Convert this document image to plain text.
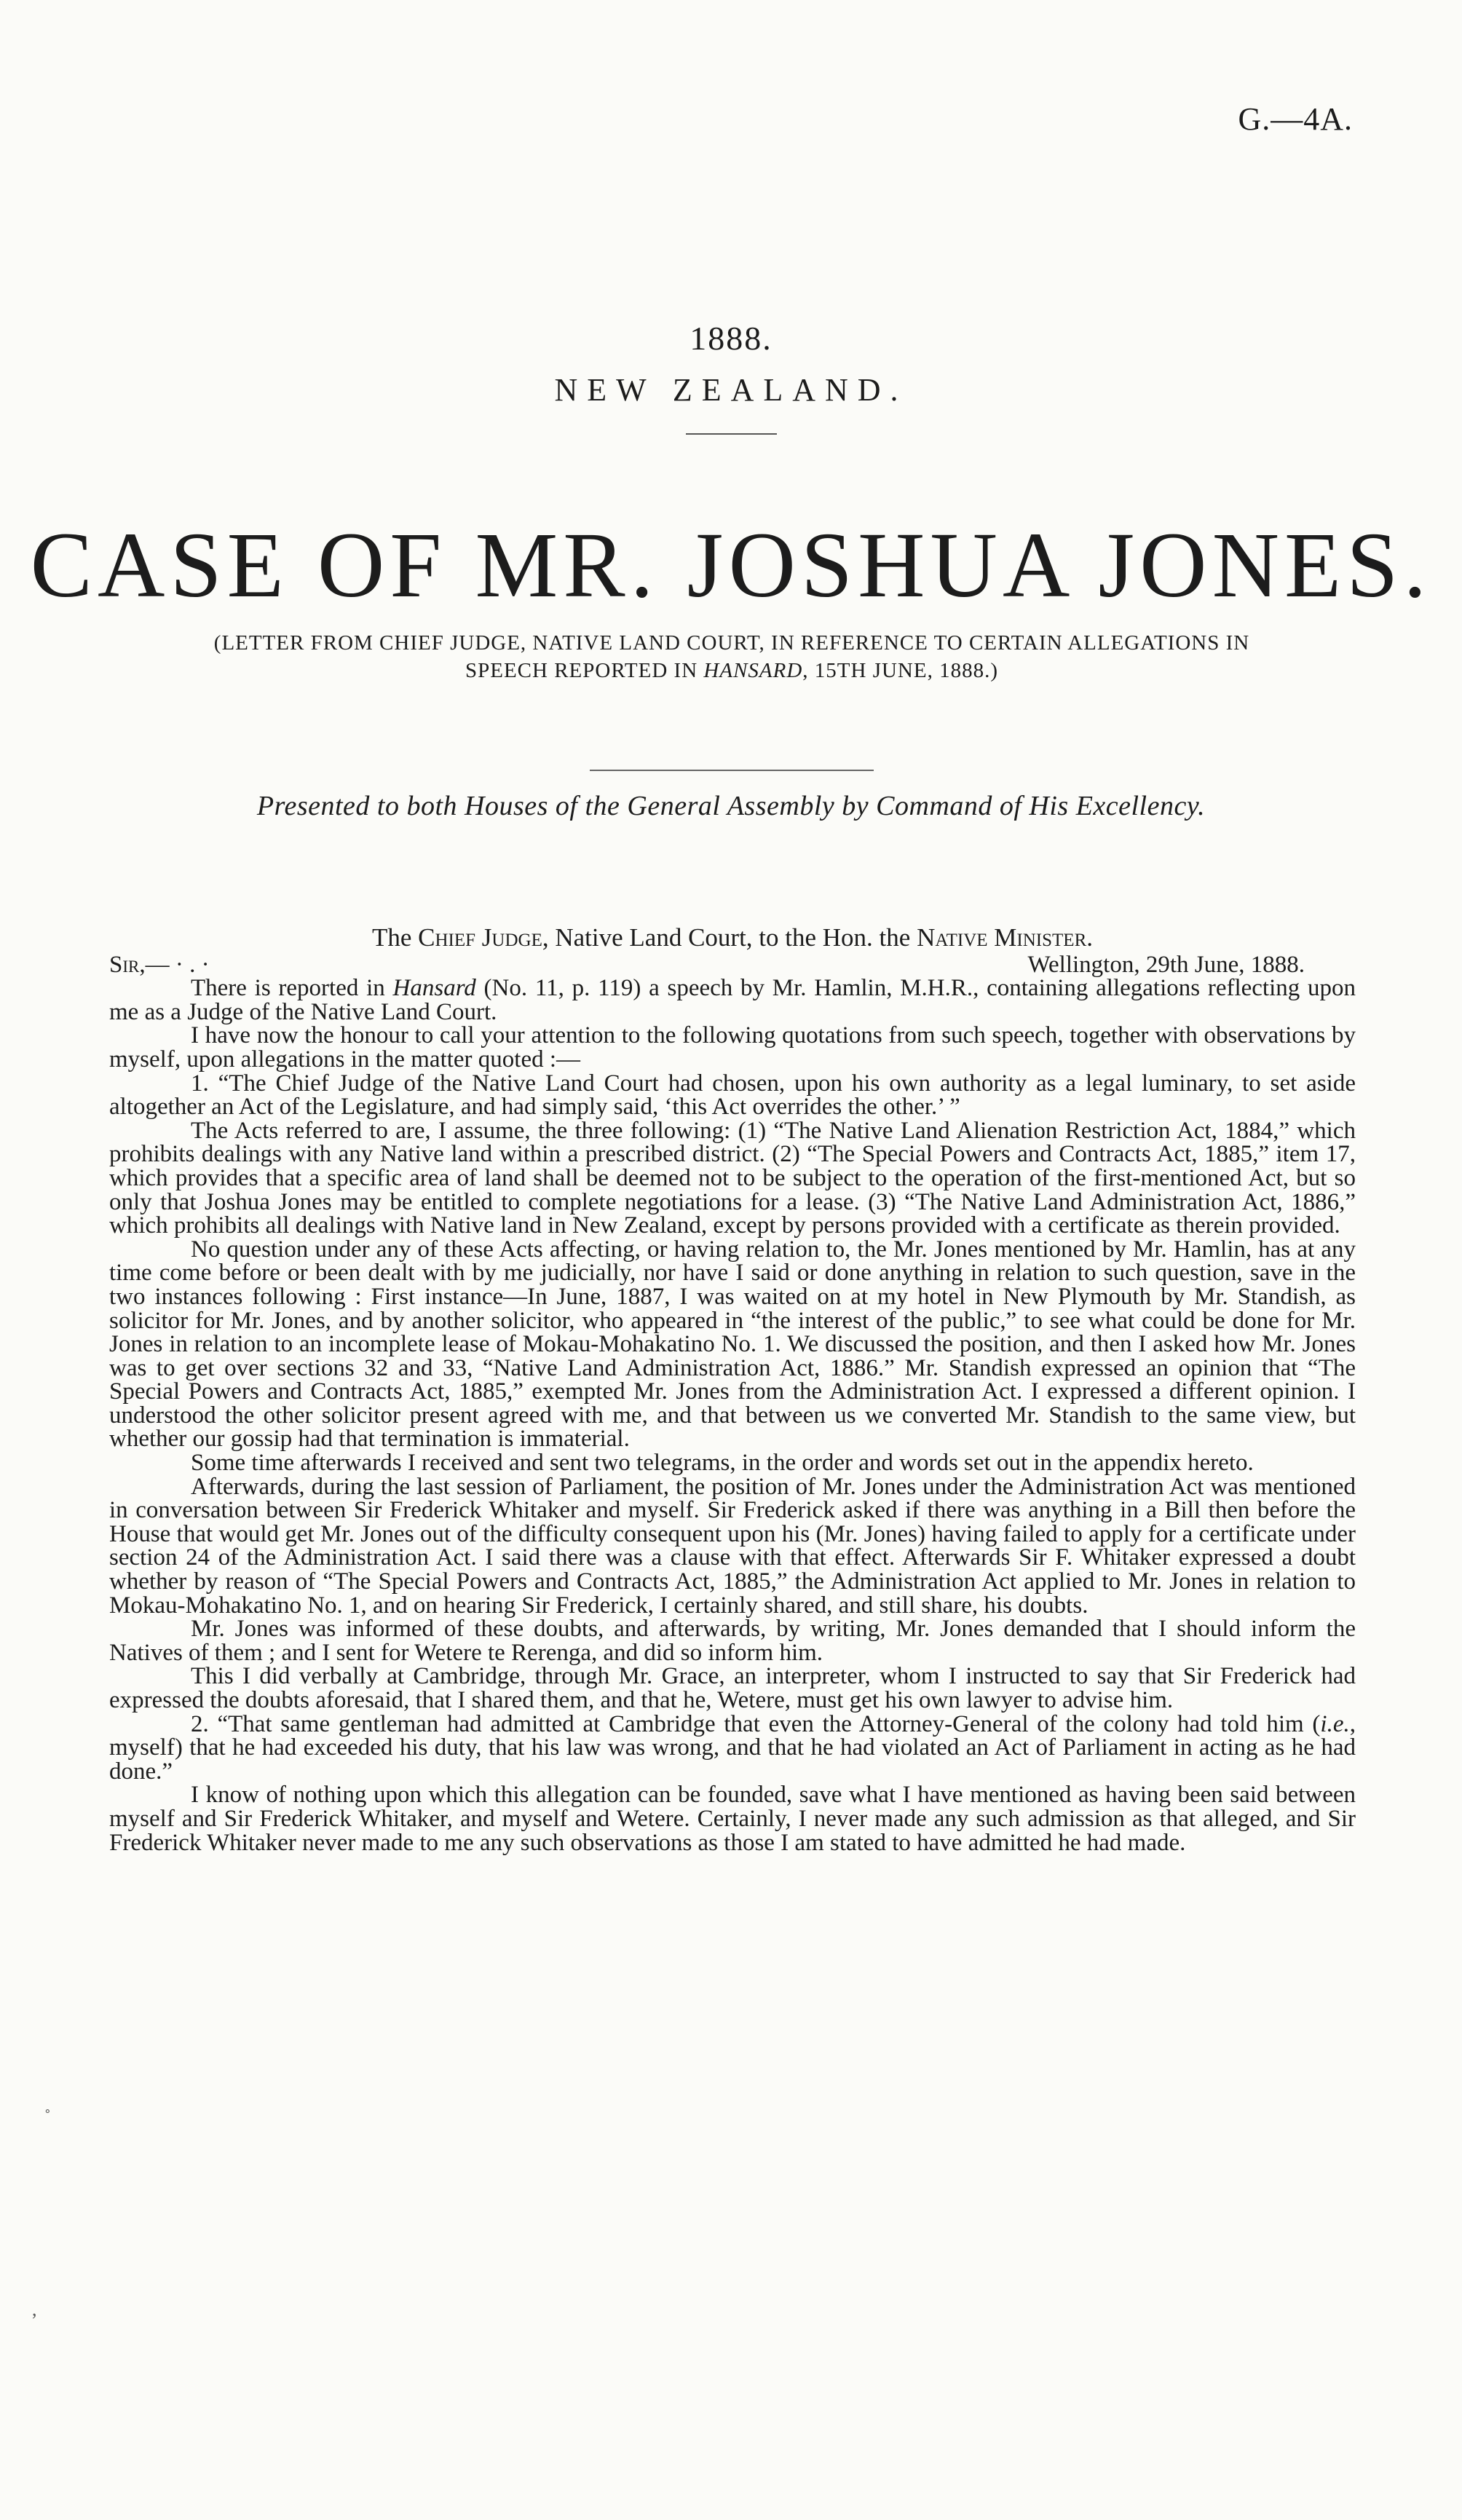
G.—4A.
1888.
NEW ZEALAND.
CASE OF MR. JOSHUA JONES.
(LETTER FROM CHIEF JUDGE, NATIVE LAND COURT, IN REFERENCE TO CERTAIN ALLEGATIONS IN SPEECH REPORTED IN HANSARD, 15TH JUNE, 1888.)
Presented to both Houses of the General Assembly by Command of His Excellency.
˚
,

The Chief Judge, Native Land Court, to the Hon. the Native Minister.

Sir,— · . ·	Wellington, 29th June, 1888.

There is reported in Hansard (No. 11, p. 119) a speech by Mr. Hamlin, M.H.R., containing allegations reflecting upon me as a Judge of the Native Land Court.

I have now the honour to call your attention to the following quotations from such speech, together with observations by myself, upon allegations in the matter quoted :—

1. “The Chief Judge of the Native Land Court had chosen, upon his own authority as a legal luminary, to set aside altogether an Act of the Legislature, and had simply said, ‘this Act overrides the other.’ ”

The Acts referred to are, I assume, the three following: (1) “The Native Land Alienation Restriction Act, 1884,” which prohibits dealings with any Native land within a prescribed district. (2) “The Special Powers and Contracts Act, 1885,” item 17, which provides that a specific area of land shall be deemed not to be subject to the operation of the first-mentioned Act, but so only that Joshua Jones may be entitled to complete negotiations for a lease. (3) “The Native Land Administration Act, 1886,” which prohibits all dealings with Native land in New Zealand, except by persons provided with a certificate as therein provided.

No question under any of these Acts affecting, or having relation to, the Mr. Jones mentioned by Mr. Hamlin, has at any time come before or been dealt with by me judicially, nor have I said or done anything in relation to such question, save in the two instances following : First instance—In June, 1887, I was waited on at my hotel in New Plymouth by Mr. Standish, as solicitor for Mr. Jones, and by another solicitor, who appeared in “the interest of the public,” to see what could be done for Mr. Jones in relation to an incomplete lease of Mokau-Mohakatino No. 1. We discussed the position, and then I asked how Mr. Jones was to get over sections 32 and 33, “Native Land Administration Act, 1886.” Mr. Standish expressed an opinion that “The Special Powers and Contracts Act, 1885,” exempted Mr. Jones from the Administration Act. I expressed a different opinion. I understood the other solicitor present agreed with me, and that between us we converted Mr. Standish to the same view, but whether our gossip had that termination is immaterial.

Some time afterwards I received and sent two telegrams, in the order and words set out in the appendix hereto.

Afterwards, during the last session of Parliament, the position of Mr. Jones under the Administration Act was mentioned in conversation between Sir Frederick Whitaker and myself. Sir Frederick asked if there was anything in a Bill then before the House that would get Mr. Jones out of the difficulty consequent upon his (Mr. Jones) having failed to apply for a certificate under section 24 of the Administration Act. I said there was a clause with that effect. Afterwards Sir F. Whitaker expressed a doubt whether by reason of “The Special Powers and Contracts Act, 1885,” the Administration Act applied to Mr. Jones in relation to Mokau-Mohakatino No. 1, and on hearing Sir Frederick, I certainly shared, and still share, his doubts.

Mr. Jones was informed of these doubts, and afterwards, by writing, Mr. Jones demanded that I should inform the Natives of them ; and I sent for Wetere te Rerenga, and did so inform him.

This I did verbally at Cambridge, through Mr. Grace, an interpreter, whom I instructed to say that Sir Frederick had expressed the doubts aforesaid, that I shared them, and that he, Wetere, must get his own lawyer to advise him.

2. “That same gentleman had admitted at Cambridge that even the Attorney-General of the colony had told him (i.e., myself) that he had exceeded his duty, that his law was wrong, and that he had violated an Act of Parliament in acting as he had done.”

I know of nothing upon which this allegation can be founded, save what I have mentioned as having been said between myself and Sir Frederick Whitaker, and myself and Wetere. Certainly, I never made any such admission as that alleged, and Sir Frederick Whitaker never made to me any such observations as those I am stated to have admitted he had made.
